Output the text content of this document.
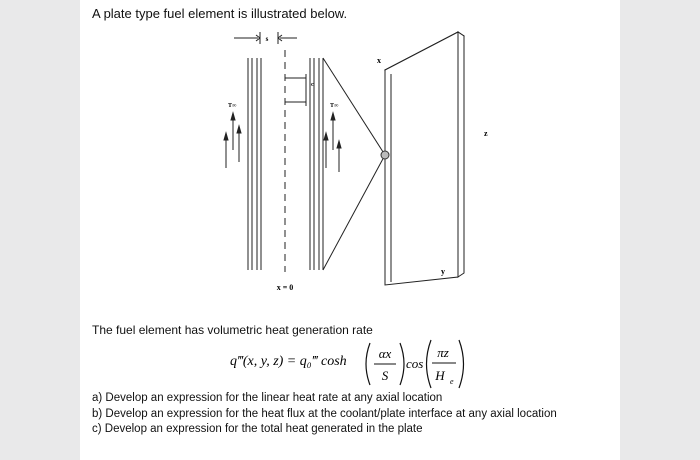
A plate type fuel element is illustrated below.
s
c
T∞	T∞
x
z
y
x = 0
q‴(x, y, z) = q₀‴ cosh
αx
S
cos
πz
H e
The fuel element has volumetric heat generation rate
a) Develop an expression for the linear heat rate at any axial location
b) Develop an expression for the heat flux at the coolant/plate interface at any axial location
c) Develop an expression for the total heat generated in the plate
